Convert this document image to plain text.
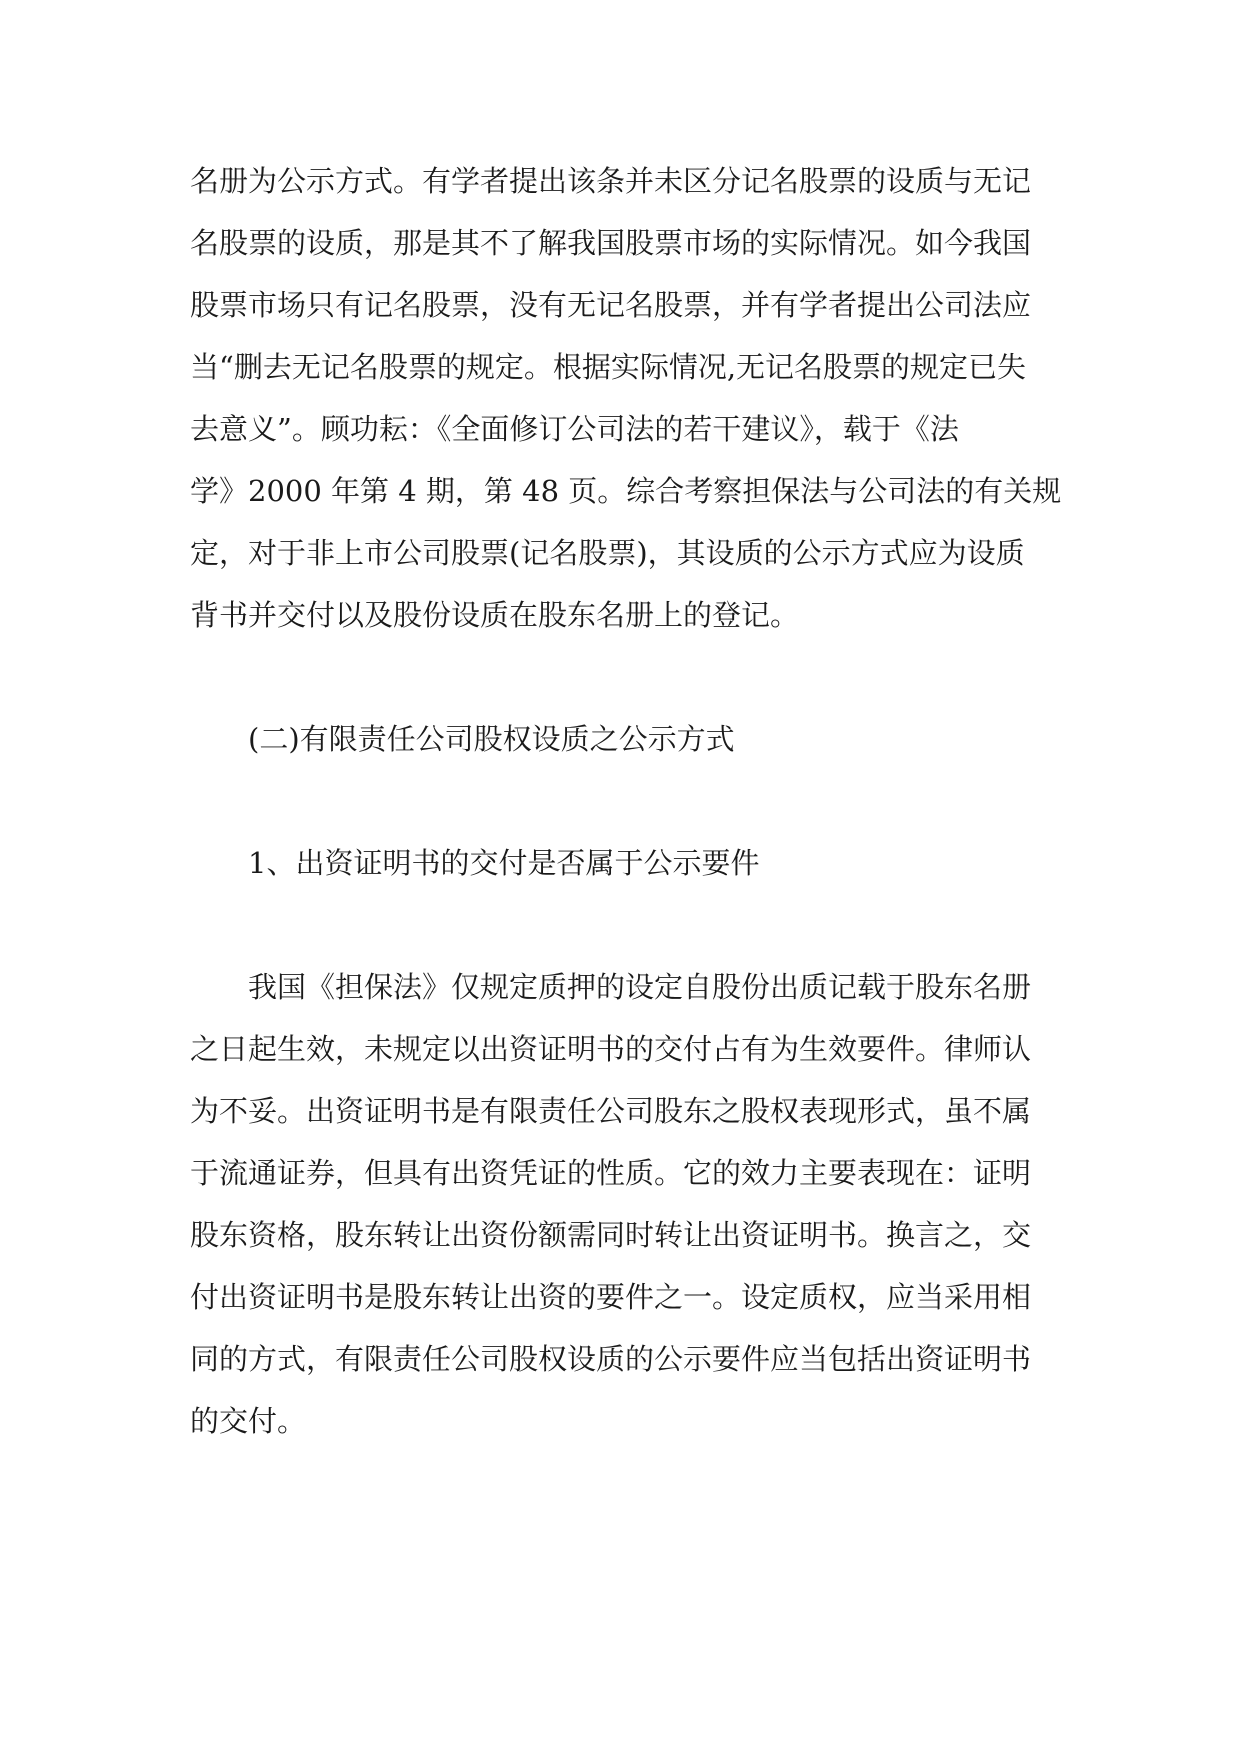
名册为公示方式。有学者提出该条并未区分记名股票的设质与无记
名股票的设质，那是其不了解我国股票市场的实际情况。如今我国
股票市场只有记名股票，没有无记名股票，并有学者提出公司法应
当“删去无记名股票的规定。根据实际情况,无记名股票的规定已失
去意义”。顾功耘：《全面修订公司法的若干建议》，载于《法
学》2000 年第 4 期，第 48 页。综合考察担保法与公司法的有关规
定，对于非上市公司股票(记名股票)，其设质的公示方式应为设质
背书并交付以及股份设质在股东名册上的登记。
(二)有限责任公司股权设质之公示方式
1、出资证明书的交付是否属于公示要件
我国《担保法》仅规定质押的设定自股份出质记载于股东名册
之日起生效，未规定以出资证明书的交付占有为生效要件。律师认
为不妥。出资证明书是有限责任公司股东之股权表现形式，虽不属
于流通证券，但具有出资凭证的性质。它的效力主要表现在：证明
股东资格，股东转让出资份额需同时转让出资证明书。换言之，交
付出资证明书是股东转让出资的要件之一。设定质权，应当采用相
同的方式，有限责任公司股权设质的公示要件应当包括出资证明书
的交付。
